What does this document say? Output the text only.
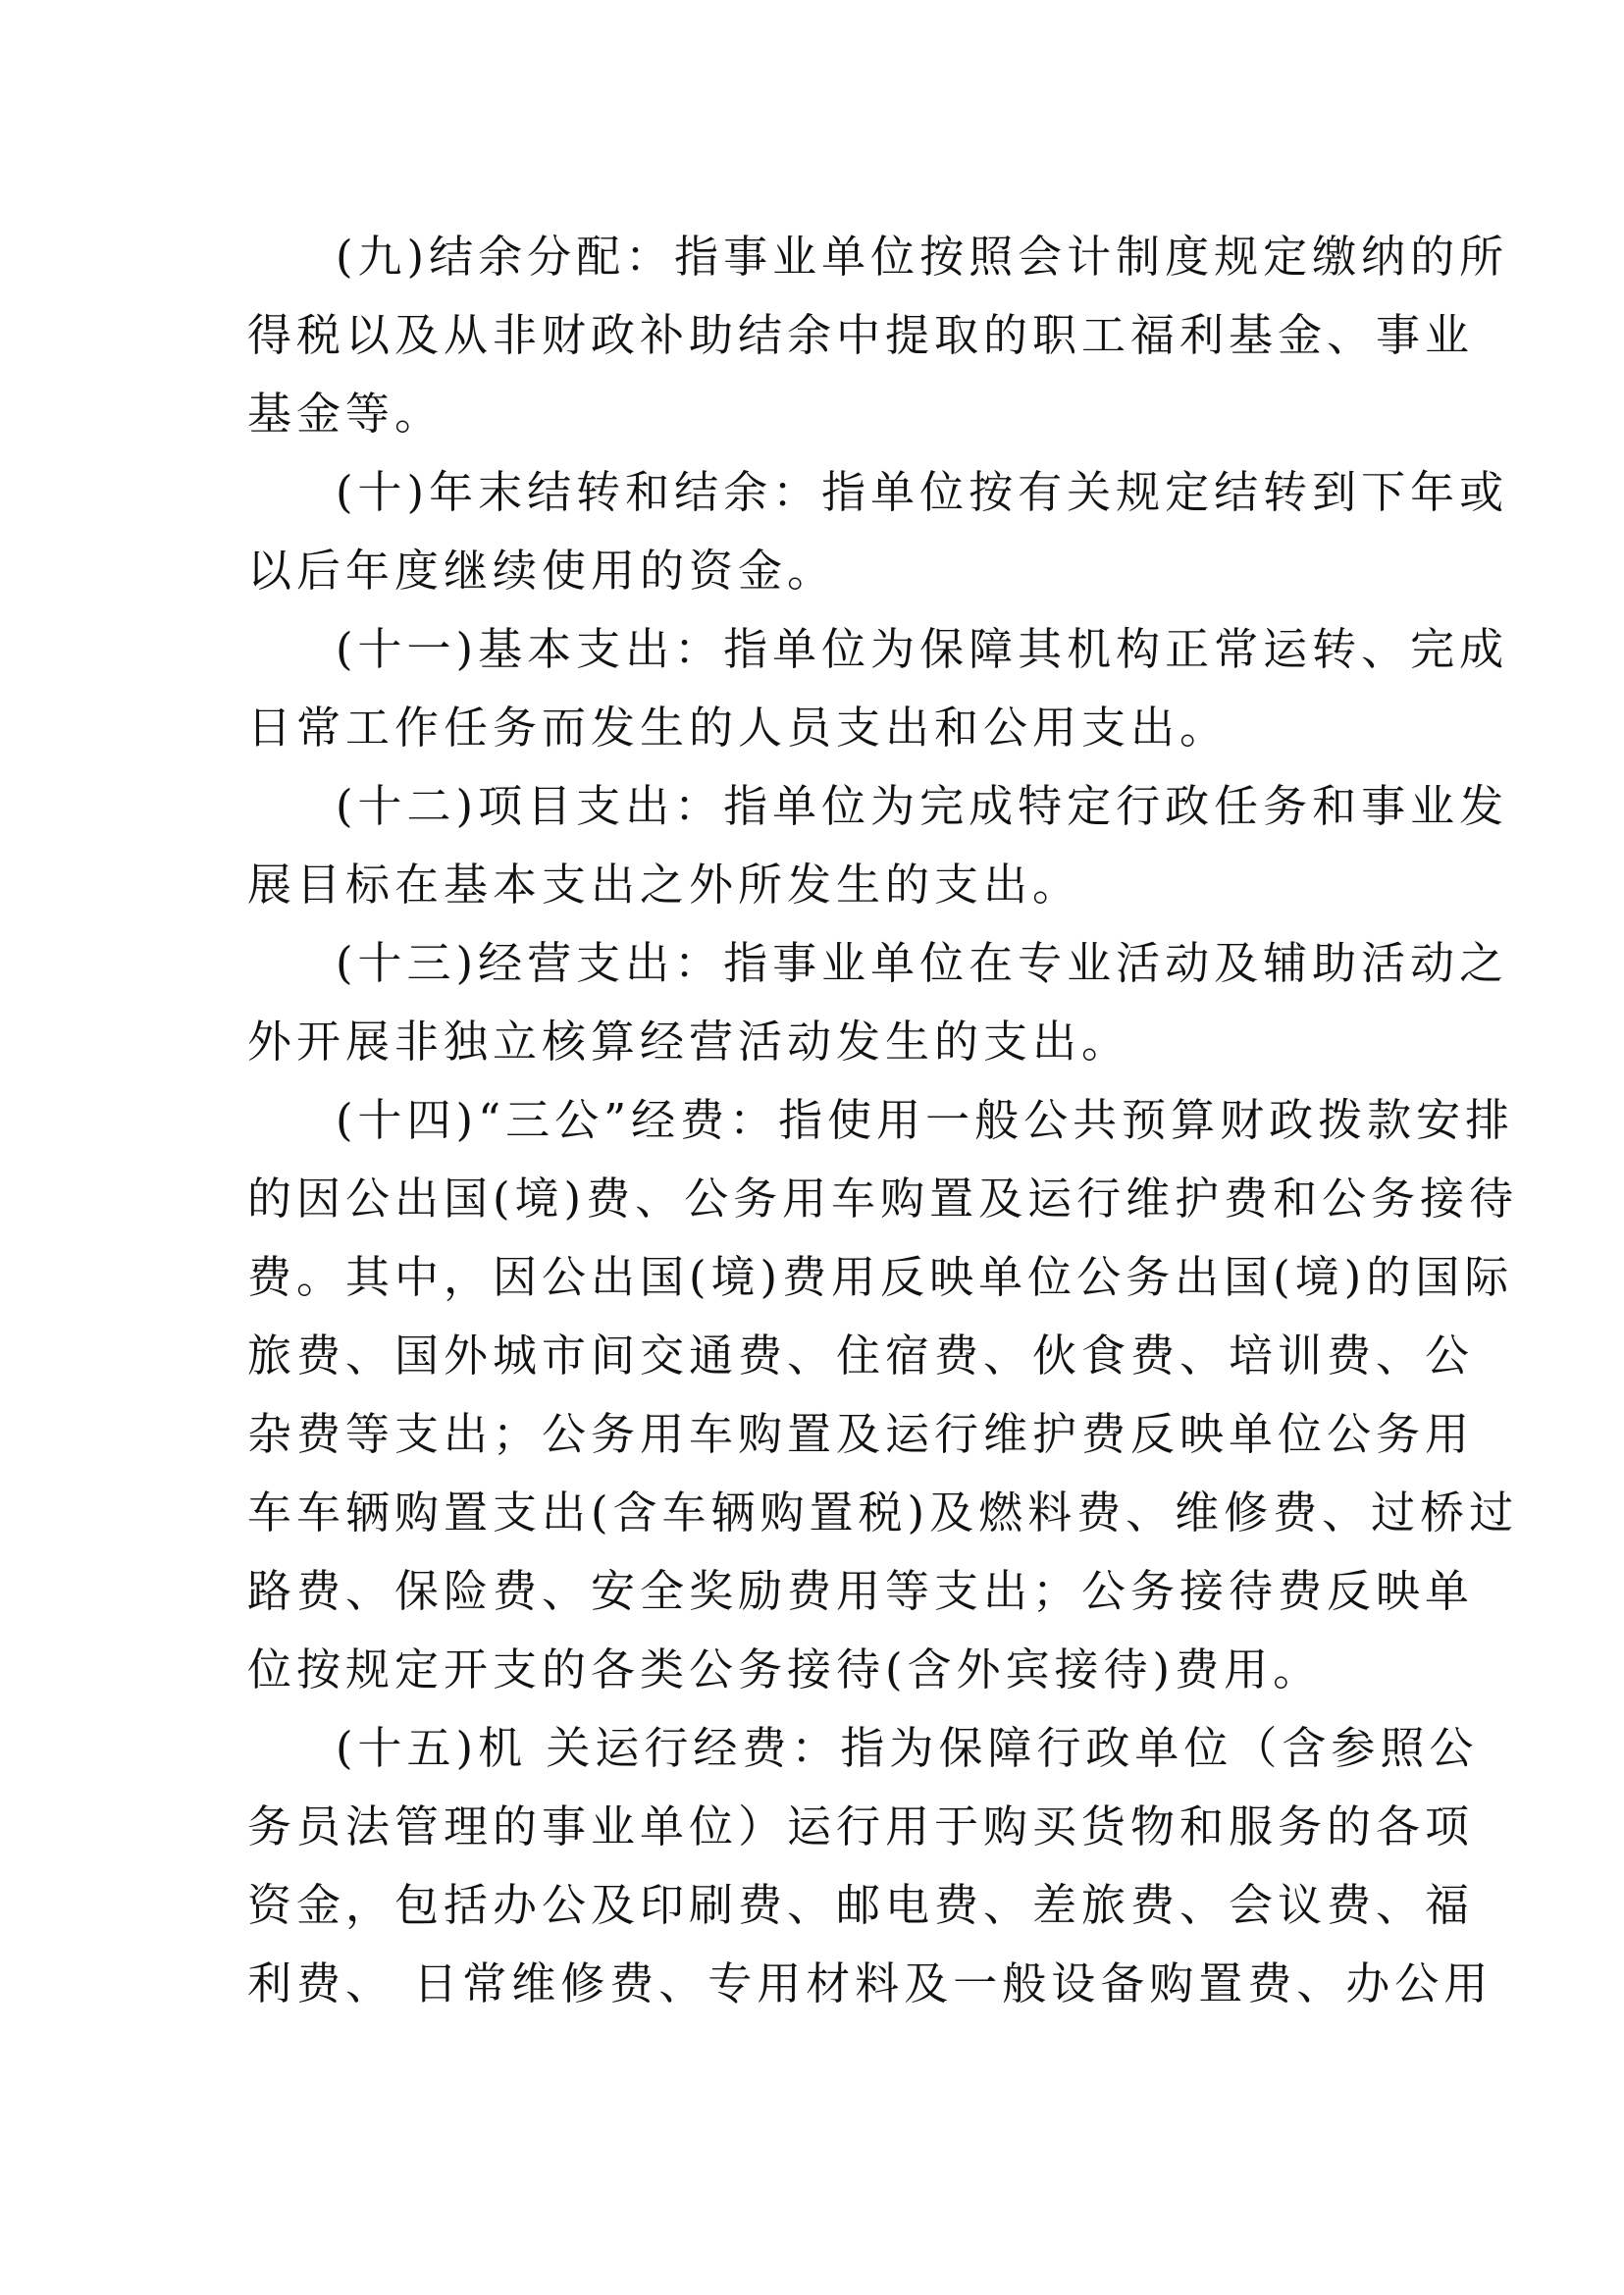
(九)结余分配：指事业单位按照会计制度规定缴纳的所
得税以及从非财政补助结余中提取的职工福利基金、事业
基金等。
(十)年末结转和结余：指单位按有关规定结转到下年或
以后年度继续使用的资金。
(十一)基本支出：指单位为保障其机构正常运转、完成
日常工作任务而发生的人员支出和公用支出。
(十二)项目支出：指单位为完成特定行政任务和事业发
展目标在基本支出之外所发生的支出。
(十三)经营支出：指事业单位在专业活动及辅助活动之
外开展非独立核算经营活动发生的支出。
(十四)“三公”经费：指使用一般公共预算财政拨款安排
的因公出国(境)费、公务用车购置及运行维护费和公务接待
费。其中，因公出国(境)费用反映单位公务出国(境)的国际
旅费、国外城市间交通费、住宿费、伙食费、培训费、公
杂费等支出；公务用车购置及运行维护费反映单位公务用
车车辆购置支出(含车辆购置税)及燃料费、维修费、过桥过
路费、保险费、安全奖励费用等支出；公务接待费反映单
位按规定开支的各类公务接待(含外宾接待)费用。
(十五)机 关运行经费：指为保障行政单位（含参照公
务员法管理的事业单位）运行用于购买货物和服务的各项
资金，包括办公及印刷费、邮电费、差旅费、会议费、福
利费、 日常维修费、专用材料及一般设备购置费、办公用
